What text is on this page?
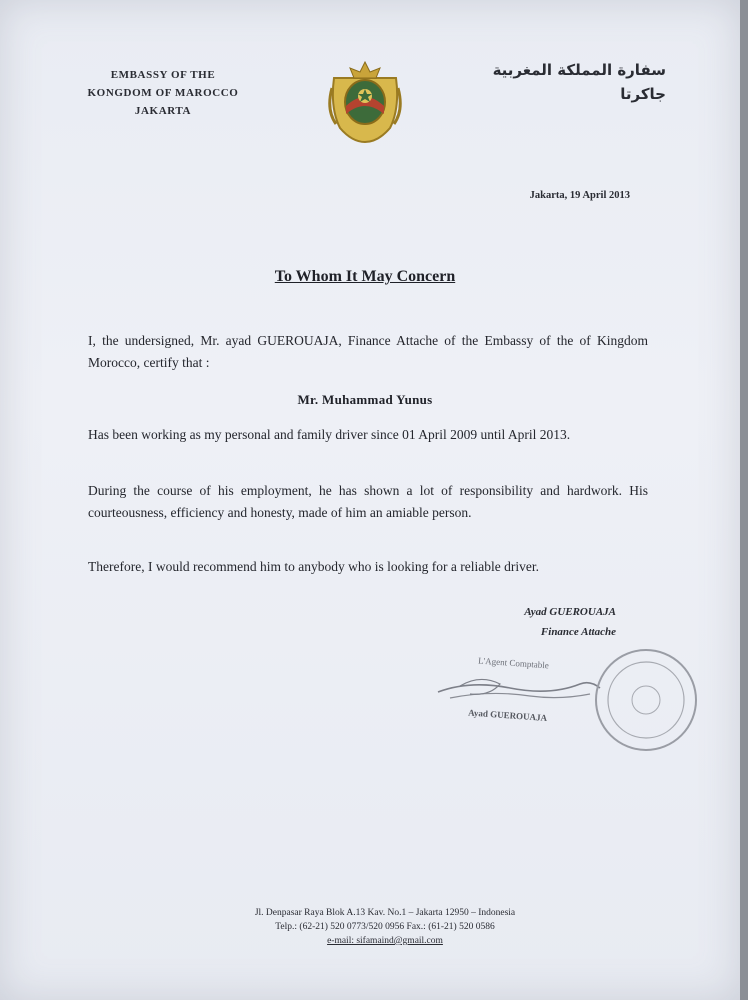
EMBASSY OF THE
KONGDOM OF MAROCCO
JAKARTA
سفارة المملكة المغربية
جاكرتا
Jakarta, 19 April 2013
To Whom It May Concern
I, the undersigned, Mr. ayad GUEROUAJA, Finance Attache of the Embassy of the of Kingdom Morocco, certify that :
Mr. Muhammad Yunus
Has been working as my personal and family driver since 01 April 2009 until April 2013.
During the course of his employment, he has shown a lot of responsibility and hardwork. His courteousness, efficiency and honesty, made of him an amiable person.
Therefore, I would recommend him to anybody who is looking for a reliable driver.
Ayad GUEROUAJA
Finance Attache
L'Agent Comptable
Ayad GUEROUAJA
Jl. Denpasar Raya Blok A.13 Kav. No.1 – Jakarta 12950 – Indonesia
Telp.: (62-21) 520 0773/520 0956 Fax.: (61-21) 520 0586
e-mail: sifamaind@gmail.com
